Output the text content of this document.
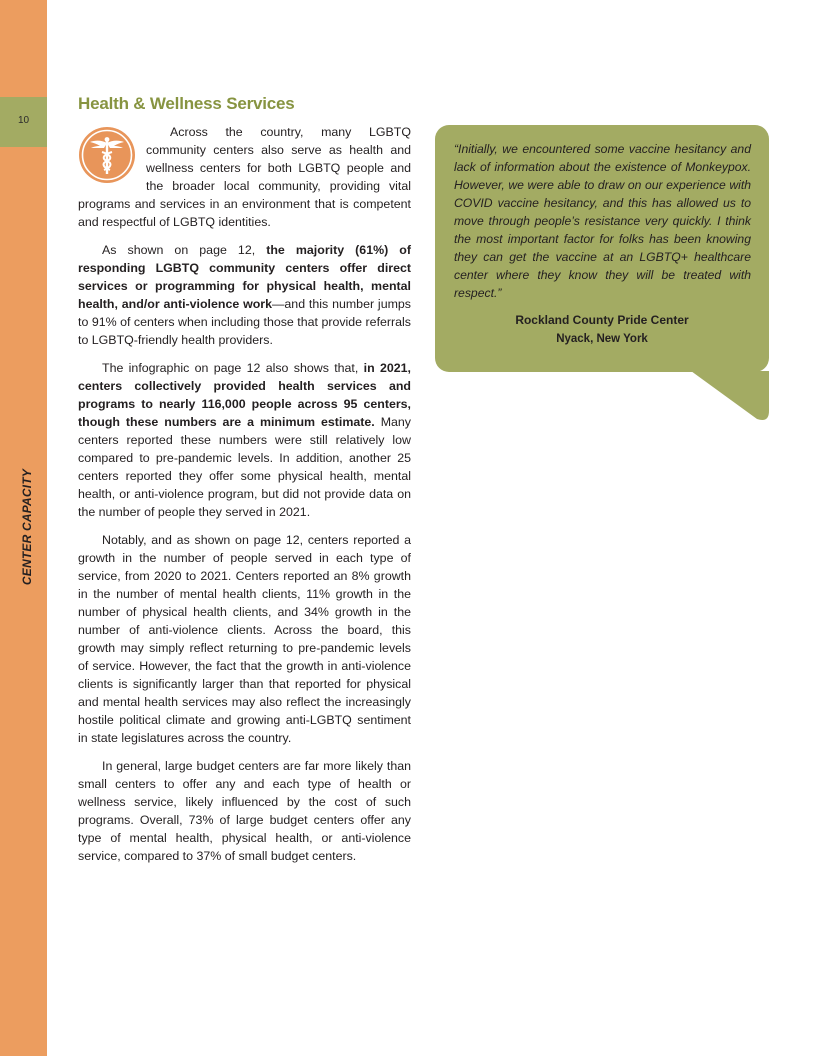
10
CENTER CAPACITY
Health & Wellness Services

Across the country, many LGBTQ community centers also serve as health and wellness centers for both LGBTQ people and the broader local community, providing vital programs and services in an environment that is competent and respectful of LGBTQ identities.

As shown on page 12, the majority (61%) of responding LGBTQ community centers offer direct services or programming for physical health, mental health, and/or anti-violence work—and this number jumps to 91% of centers when including those that provide referrals to LGBTQ-friendly health providers.

The infographic on page 12 also shows that, in 2021, centers collectively provided health services and programs to nearly 116,000 people across 95 centers, though these numbers are a minimum estimate. Many centers reported these numbers were still relatively low compared to pre-pandemic levels. In addition, another 25 centers reported they offer some physical health, mental health, or anti-violence program, but did not provide data on the number of people they served in 2021.

Notably, and as shown on page 12, centers reported a growth in the number of people served in each type of service, from 2020 to 2021. Centers reported an 8% growth in the number of mental health clients, 11% growth in the number of physical health clients, and 34% growth in the number of anti-violence clients. Across the board, this growth may simply reflect returning to pre-pandemic levels of service. However, the fact that the growth in anti-violence clients is significantly larger than that reported for physical and mental health services may also reflect the increasingly hostile political climate and growing anti-LGBTQ sentiment in state legislatures across the country.

In general, large budget centers are far more likely than small centers to offer any and each type of health or wellness service, likely influenced by the cost of such programs. Overall, 73% of large budget centers offer any type of mental health, physical health, or anti-violence service, compared to 37% of small budget centers.

“Initially, we encountered some vaccine hesitancy and lack of information about the existence of Monkeypox. However, we were able to draw on our experience with COVID vaccine hesitancy, and this has allowed us to move through people’s resistance very quickly. I think the most important factor for folks has been knowing they can get the vaccine at an LGBTQ+ healthcare center where they know they will be treated with respect.”

Rockland County Pride Center
Nyack, New York
